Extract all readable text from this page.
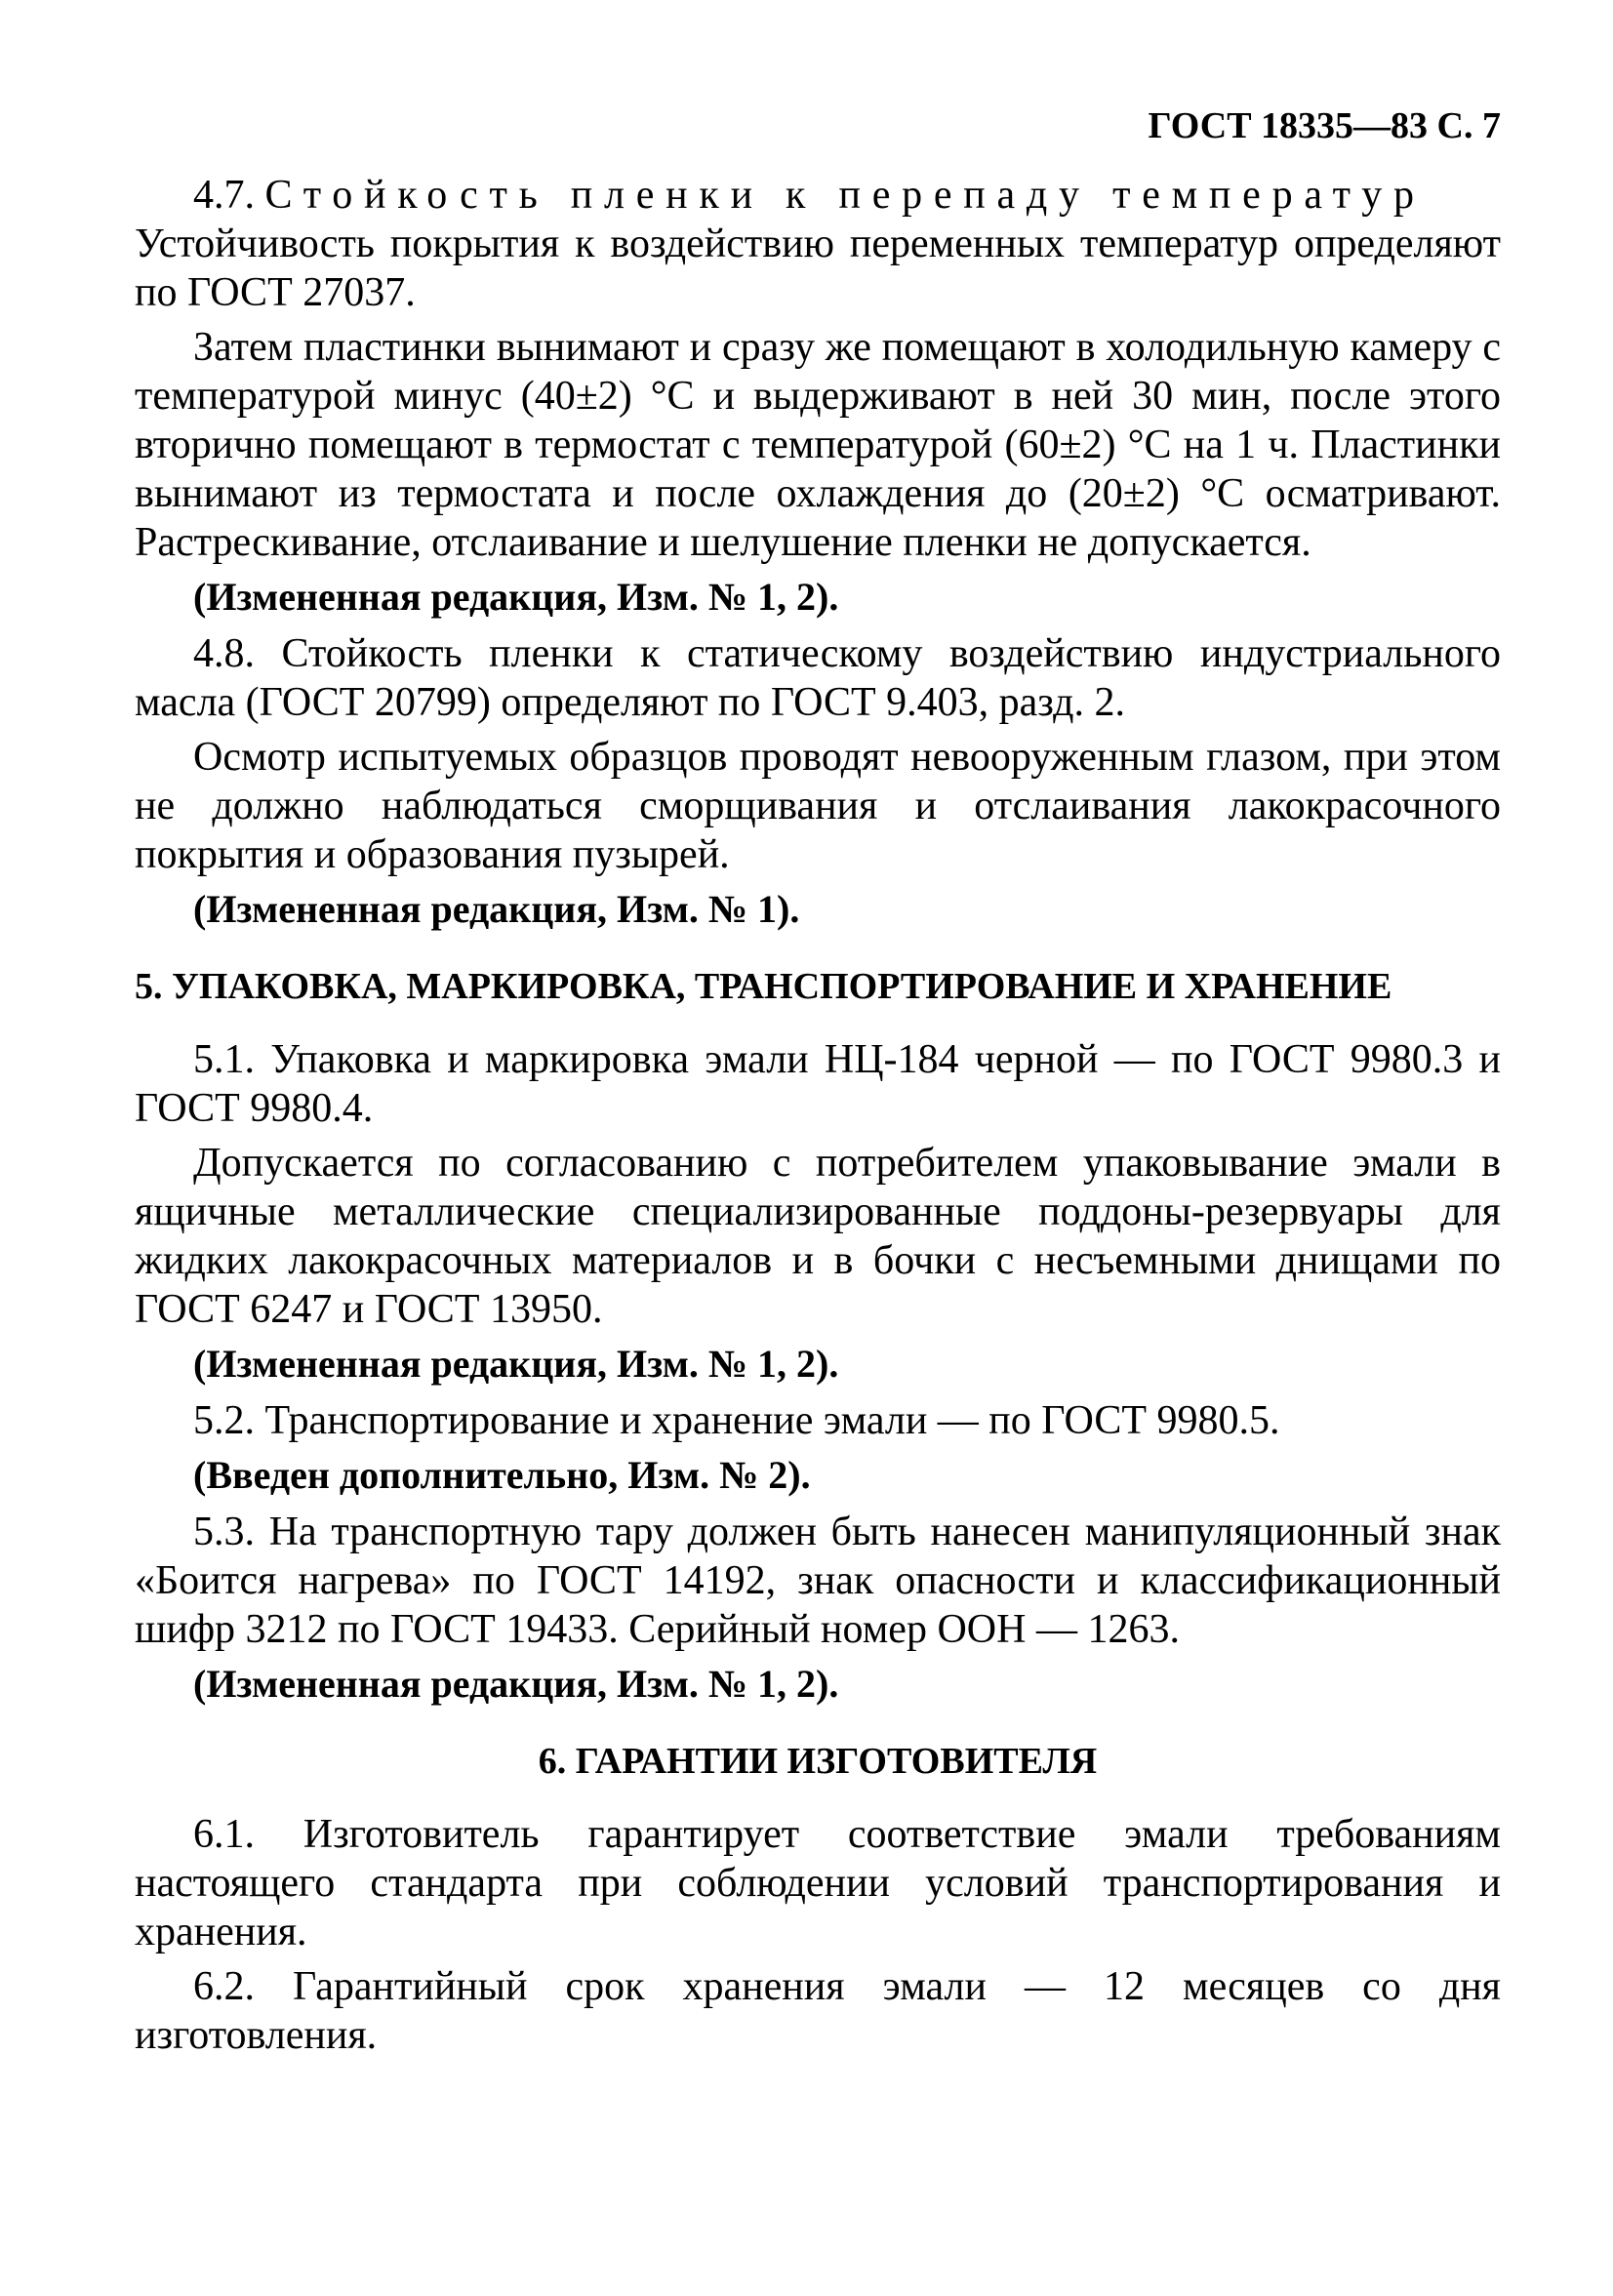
ГОСТ 18335—83 С. 7

4.7. Стойкость пленки к перепаду температур
Устойчивость покрытия к воздействию переменных температур определяют по ГОСТ 27037.

Затем пластинки вынимают и сразу же помещают в холодильную камеру с температурой минус (40±2) °С и выдерживают в ней 30 мин, после этого вторично помещают в термостат с температурой (60±2) °С на 1 ч. Пластинки вынимают из термостата и после охлаждения до (20±2) °С осматривают. Растрескивание, отслаивание и шелушение пленки не допускается.

(Измененная редакция, Изм. № 1, 2).

4.8. Стойкость пленки к статическому воздействию индустриального масла (ГОСТ 20799) определяют по ГОСТ 9.403, разд. 2.

Осмотр испытуемых образцов проводят невооруженным глазом, при этом не должно наблюдаться сморщивания и отслаивания лакокрасочного покрытия и образования пузырей.

(Измененная редакция, Изм. № 1).
5. УПАКОВКА, МАРКИРОВКА, ТРАНСПОРТИРОВАНИЕ И ХРАНЕНИЕ

5.1. Упаковка и маркировка эмали НЦ-184 черной — по ГОСТ 9980.3 и ГОСТ 9980.4.

Допускается по согласованию с потребителем упаковывание эмали в ящичные металлические специализированные поддоны-резервуары для жидких лакокрасочных материалов и в бочки с несъемными днищами по ГОСТ 6247 и ГОСТ 13950.

(Измененная редакция, Изм. № 1, 2).

5.2. Транспортирование и хранение эмали — по ГОСТ 9980.5.

(Введен дополнительно, Изм. № 2).

5.3. На транспортную тару должен быть нанесен манипуляционный знак «Боится нагрева» по ГОСТ 14192, знак опасности и классификационный шифр 3212 по ГОСТ 19433. Серийный номер ООН — 1263.

(Измененная редакция, Изм. № 1, 2).
6. ГАРАНТИИ ИЗГОТОВИТЕЛЯ

6.1. Изготовитель гарантирует соответствие эмали требованиям настоящего стандарта при соблюдении условий транспортирования и хранения.

6.2. Гарантийный срок хранения эмали — 12 месяцев со дня изготовления.
